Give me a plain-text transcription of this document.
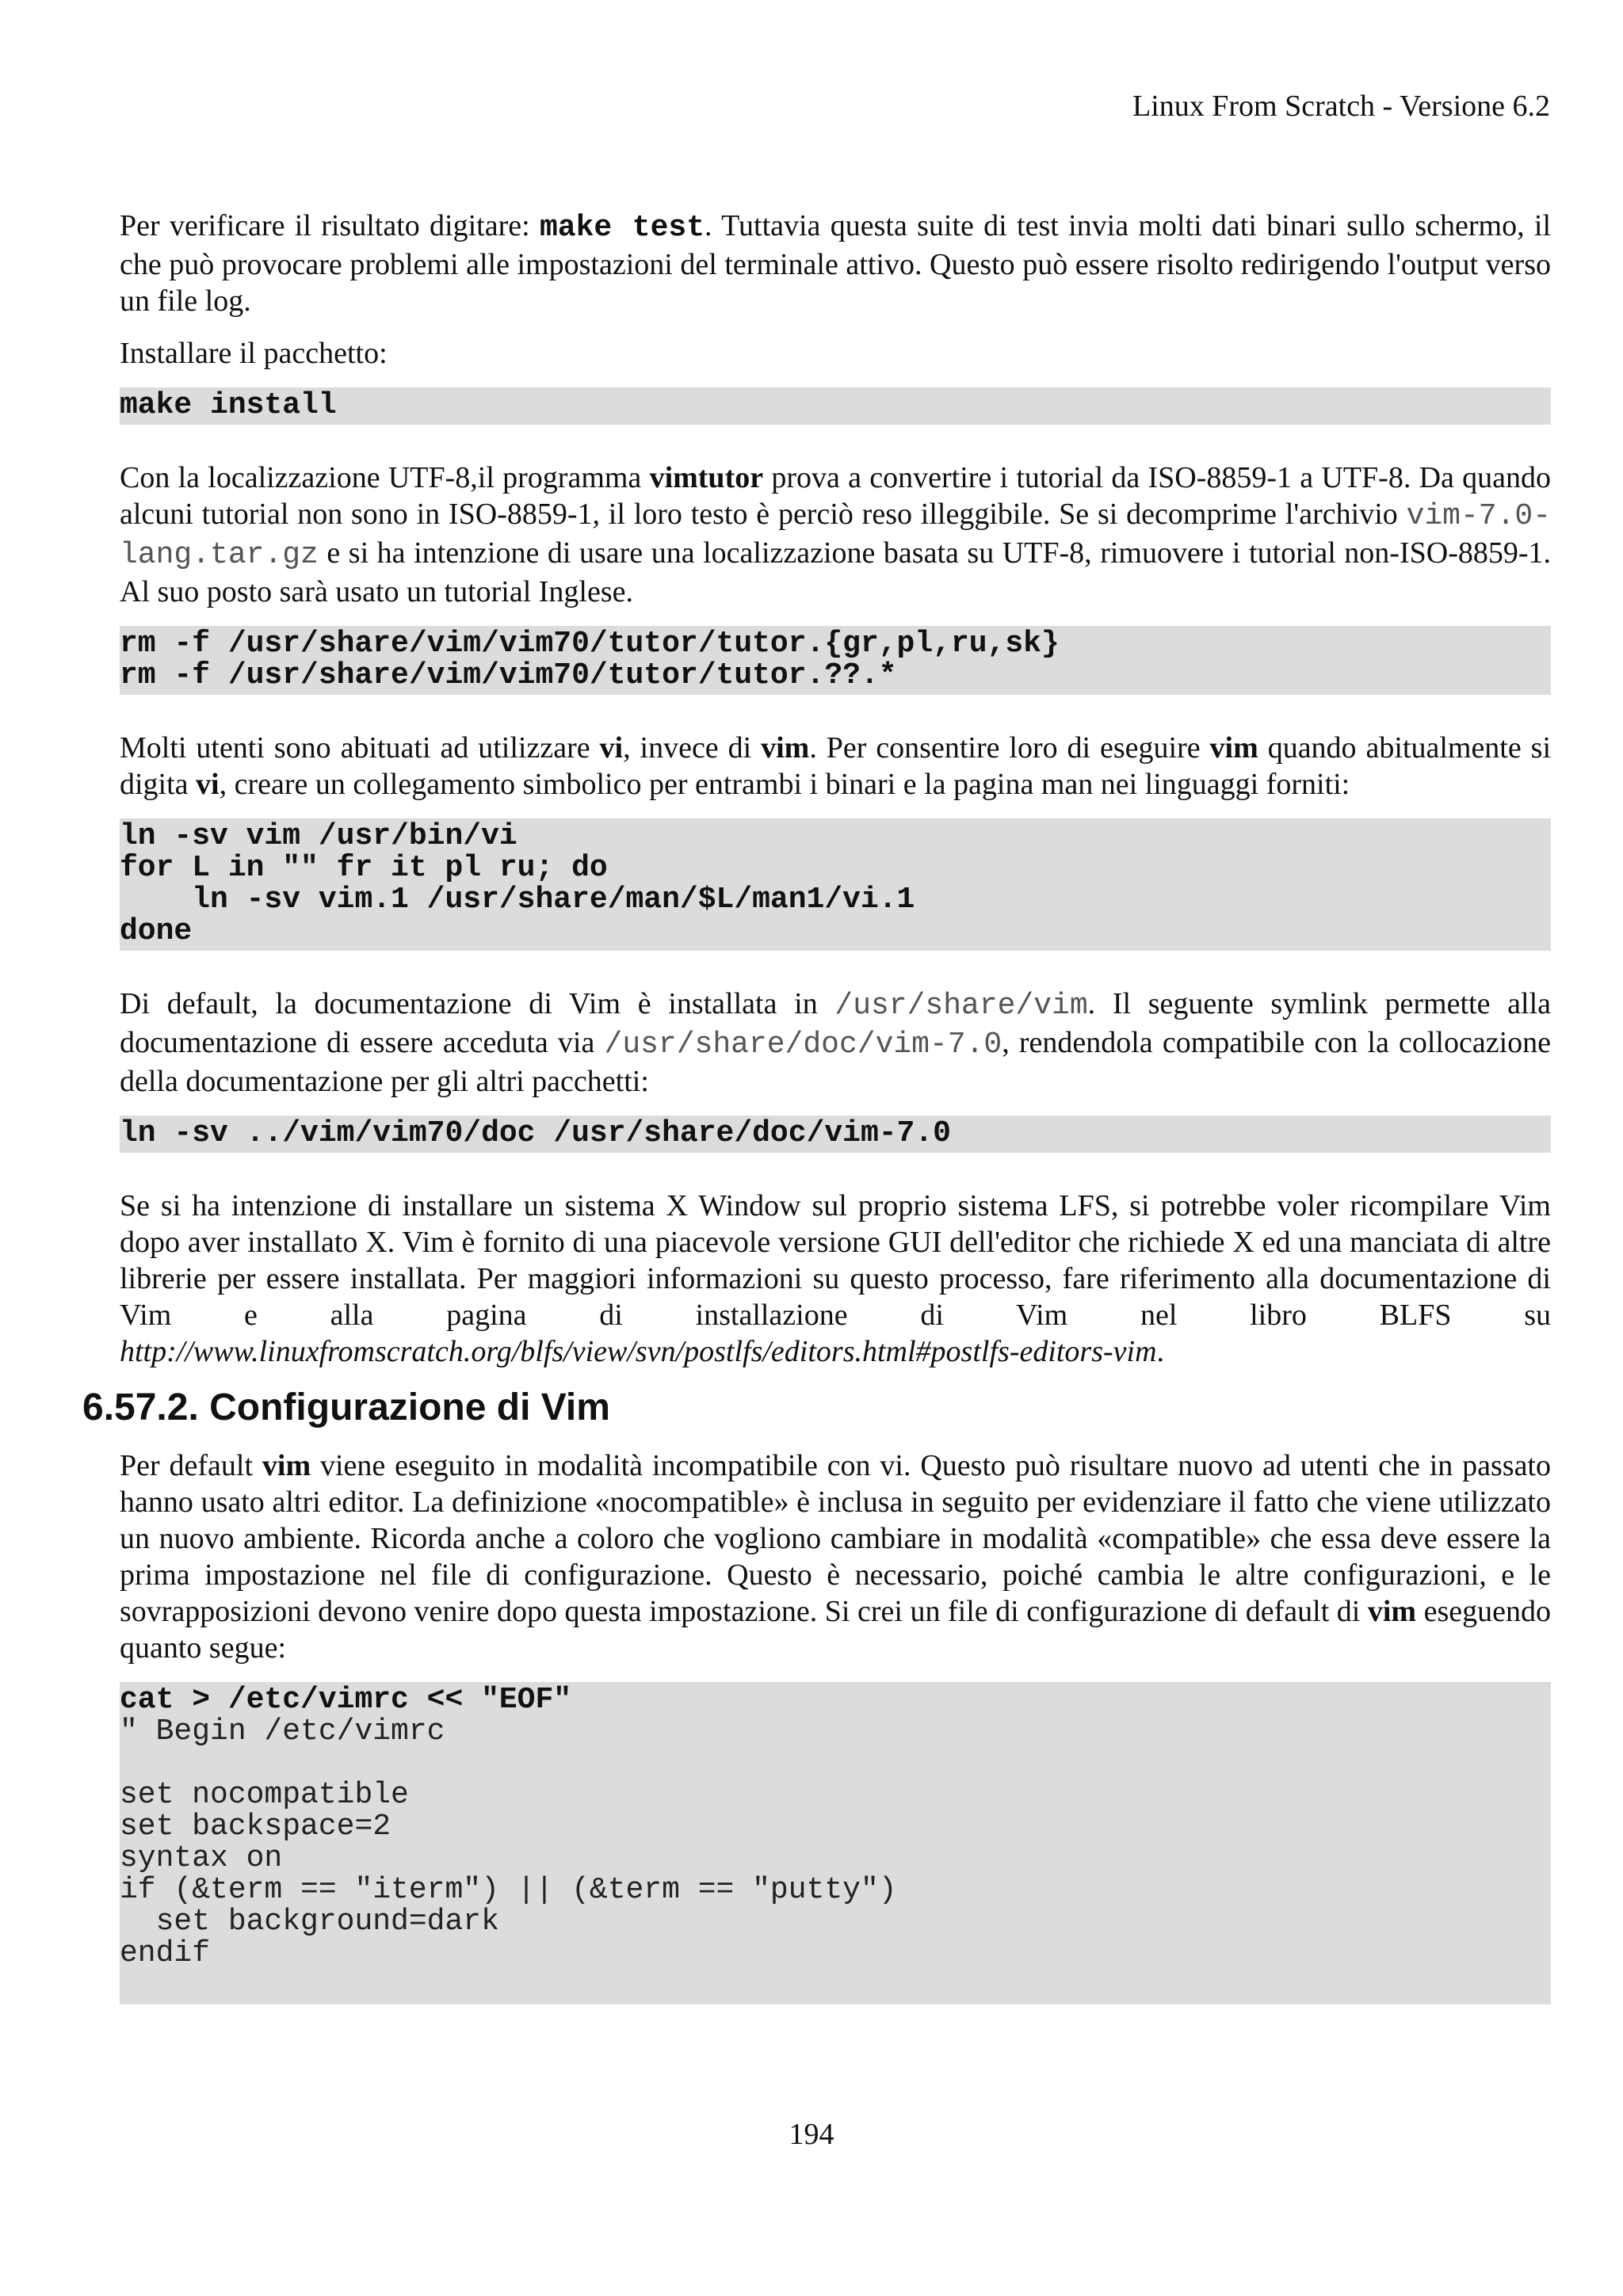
Linux From Scratch - Versione 6.2

Per verificare il risultato digitare: make test. Tuttavia questa suite di test invia molti dati binari sullo schermo, il che può provocare problemi alle impostazioni del terminale attivo. Questo può essere risolto redirigendo l'output verso un file log.

Installare il pacchetto:

make install

Con la localizzazione UTF-8,il programma vimtutor prova a convertire i tutorial da ISO-8859-1 a UTF-8. Da quando alcuni tutorial non sono in ISO-8859-1, il loro testo è perciò reso illeggibile. Se si decomprime l'archivio vim-7.0-lang.tar.gz e si ha intenzione di usare una localizzazione basata su UTF-8, rimuovere i tutorial non-ISO-8859-1. Al suo posto sarà usato un tutorial Inglese.

rm -f /usr/share/vim/vim70/tutor/tutor.{gr,pl,ru,sk}
rm -f /usr/share/vim/vim70/tutor/tutor.??.*

Molti utenti sono abituati ad utilizzare vi, invece di vim. Per consentire loro di eseguire vim quando abitualmente si digita vi, creare un collegamento simbolico per entrambi i binari e la pagina man nei linguaggi forniti:

ln -sv vim /usr/bin/vi
for L in "" fr it pl ru; do
ln -sv vim.1 /usr/share/man/$L/man1/vi.1
done

Di default, la documentazione di Vim è installata in /usr/share/vim. Il seguente symlink permette alla documentazione di essere acceduta via /usr/share/doc/vim-7.0, rendendola compatibile con la collocazione della documentazione per gli altri pacchetti:

ln -sv ../vim/vim70/doc /usr/share/doc/vim-7.0

Se si ha intenzione di installare un sistema X Window sul proprio sistema LFS, si potrebbe voler ricompilare Vim dopo aver installato X. Vim è fornito di una piacevole versione GUI dell'editor che richiede X ed una manciata di altre librerie per essere installata. Per maggiori informazioni su questo processo, fare riferimento alla documentazione di Vim e alla pagina di installazione di Vim nel libro BLFS su http://www.linuxfromscratch.org/blfs/view/svn/postlfs/editors.html#postlfs-editors-vim.

6.57.2. Configurazione di Vim

Per default vim viene eseguito in modalità incompatibile con vi. Questo può risultare nuovo ad utenti che in passato hanno usato altri editor. La definizione «nocompatible» è inclusa in seguito per evidenziare il fatto che viene utilizzato un nuovo ambiente. Ricorda anche a coloro che vogliono cambiare in modalità «compatible» che essa deve essere la prima impostazione nel file di configurazione. Questo è necessario, poiché cambia le altre configurazioni, e le sovrapposizioni devono venire dopo questa impostazione. Si crei un file di configurazione di default di vim eseguendo quanto segue:

cat > /etc/vimrc << "EOF"
" Begin /etc/vimrc
set nocompatible
set backspace=2
syntax on
if (&term == "iterm") || (&term == "putty")
set background=dark
endif
194
